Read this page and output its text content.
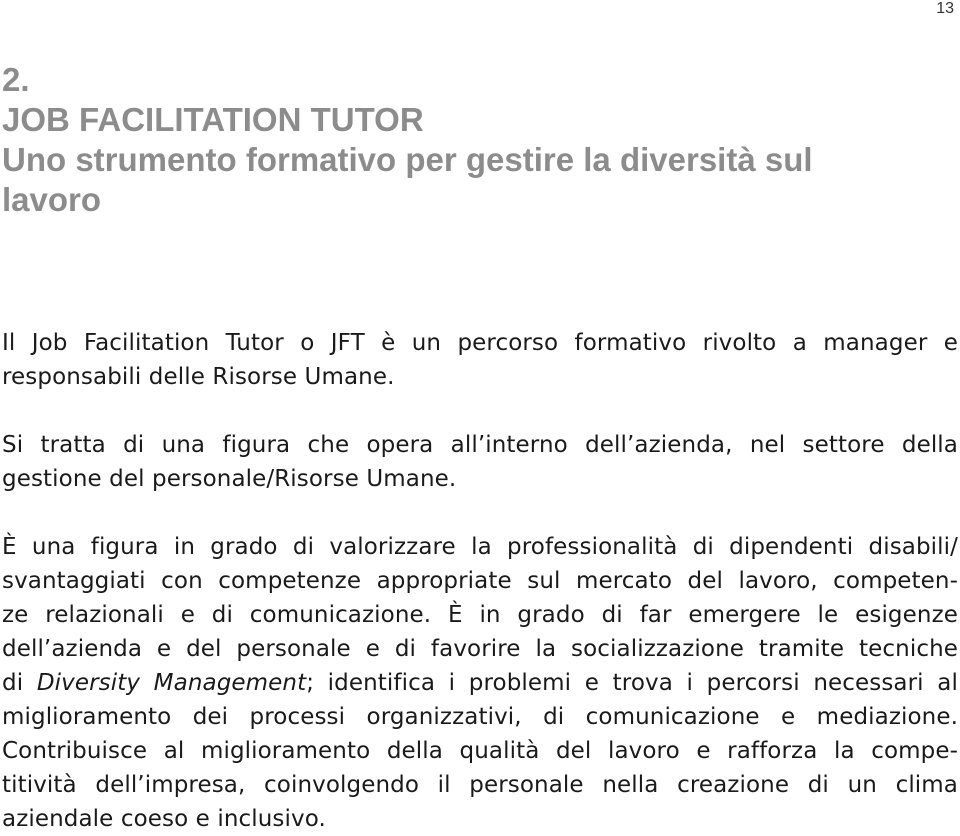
13
2.
JOB FACILITATION TUTOR
Uno strumento formativo per gestire la diversità sul
lavoro
Il Job Facilitation Tutor o JFT è un percorso formativo rivolto a manager e
responsabili delle Risorse Umane.
Si tratta di una figura che opera all’interno dell’azienda, nel settore della
gestione del personale/Risorse Umane.
È una figura in grado di valorizzare la professionalità di dipendenti disabili/
svantaggiati con competenze appropriate sul mercato del lavoro, competen-
ze relazionali e di comunicazione. È in grado di far emergere le esigenze
dell’azienda e del personale e di favorire la socializzazione tramite tecniche
di Diversity Management; identifica i problemi e trova i percorsi necessari al
miglioramento dei processi organizzativi, di comunicazione e mediazione.
Contribuisce al miglioramento della qualità del lavoro e rafforza la compe-
titività dell’impresa, coinvolgendo il personale nella creazione di un clima
aziendale coeso e inclusivo.
